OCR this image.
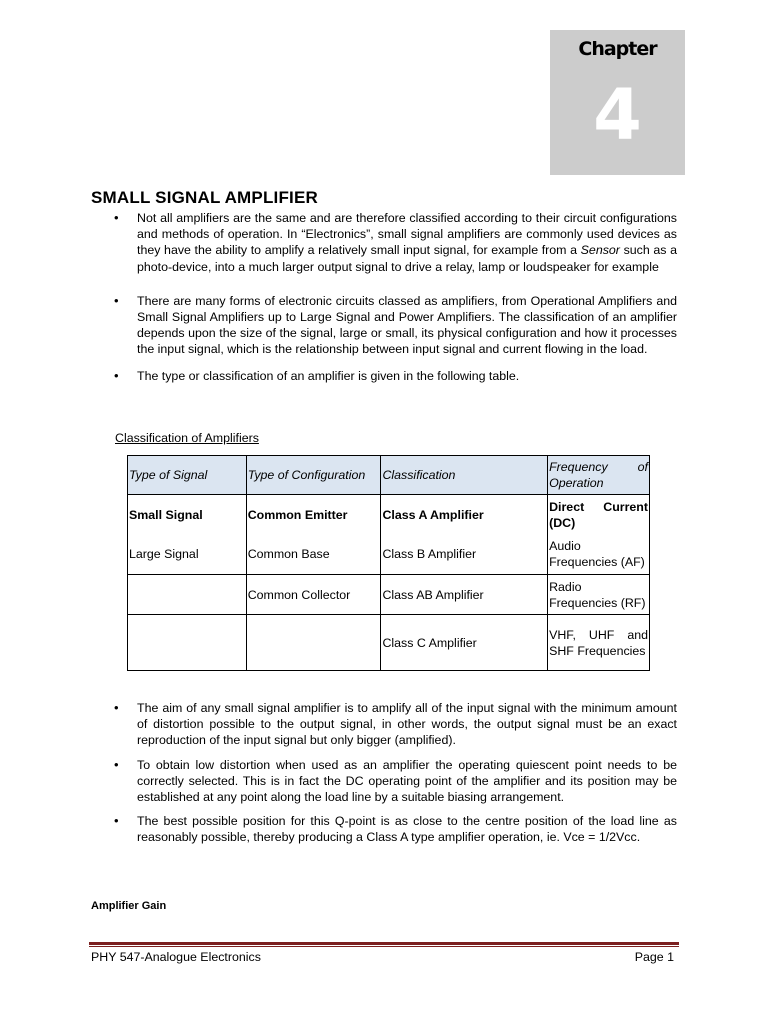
Chapter
4
SMALL SIGNAL AMPLIFIER
• Not all amplifiers are the same and are therefore classified according to their circuit configurations and methods of operation. In “Electronics”, small signal amplifiers are commonly used devices as they have the ability to amplify a relatively small input signal, for example from a Sensor such as a photo-device, into a much larger output signal to drive a relay, lamp or loudspeaker for example
• There are many forms of electronic circuits classed as amplifiers, from Operational Amplifiers and Small Signal Amplifiers up to Large Signal and Power Amplifiers. The classification of an amplifier depends upon the size of the signal, large or small, its physical configuration and how it processes the input signal, which is the relationship between input signal and current flowing in the load.
• The type or classification of an amplifier is given in the following table.
Classification of Amplifiers
Type of Signal	Type of Configuration	Classification	Frequency of Operation
Small Signal	Common Emitter	Class A Amplifier	Direct Current (DC)
Large Signal	Common Base	Class B Amplifier	Audio Frequencies (AF)
	Common Collector	Class AB Amplifier	Radio Frequencies (RF)
		Class C Amplifier	VHF, UHF and SHF Frequencies
• The aim of any small signal amplifier is to amplify all of the input signal with the minimum amount of distortion possible to the output signal, in other words, the output signal must be an exact reproduction of the input signal but only bigger (amplified).
• To obtain low distortion when used as an amplifier the operating quiescent point needs to be correctly selected. This is in fact the DC operating point of the amplifier and its position may be established at any point along the load line by a suitable biasing arrangement.
• The best possible position for this Q-point is as close to the centre position of the load line as reasonably possible, thereby producing a Class A type amplifier operation, ie. Vce = 1/2Vcc.
Amplifier Gain
PHY 547-Analogue Electronics	Page 1
